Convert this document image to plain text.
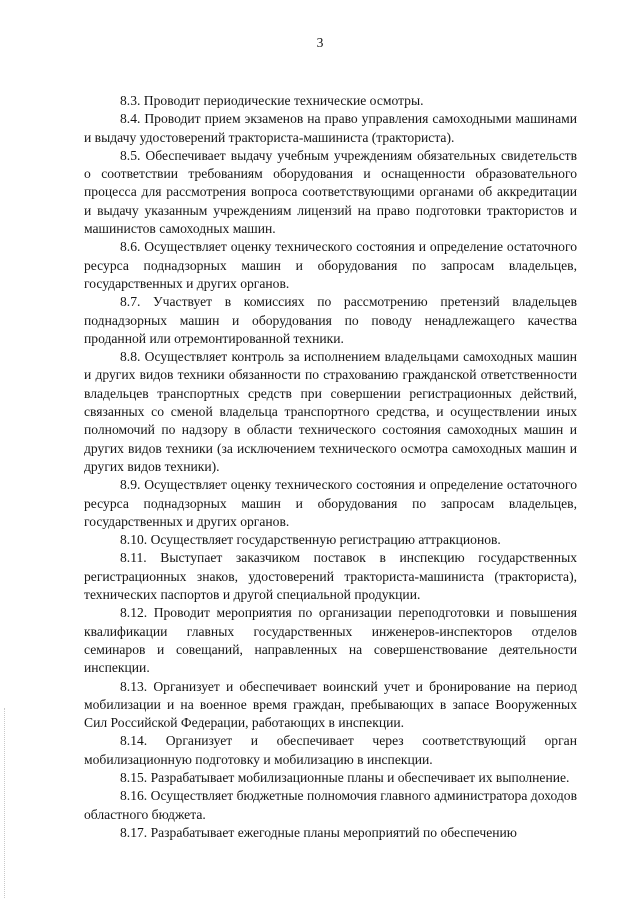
3

8.3. Проводит периодические технические осмотры.

8.4. Проводит прием экзаменов на право управления самоходными машинами и выдачу удостоверений тракториста-машиниста (тракториста).

8.5. Обеспечивает выдачу учебным учреждениям обязательных свидетельств о соответствии требованиям оборудования и оснащенности образовательного процесса для рассмотрения вопроса соответствующими органами об аккредитации и выдачу указанным учреждениям лицензий на право подготовки трактористов и машинистов самоходных машин.

8.6. Осуществляет оценку технического состояния и определение остаточного ресурса поднадзорных машин и оборудования по запросам владельцев, государственных и других органов.

8.7. Участвует в комиссиях по рассмотрению претензий владельцев поднадзорных машин и оборудования по поводу ненадлежащего качества проданной или отремонтированной техники.

8.8. Осуществляет контроль за исполнением владельцами самоходных машин и других видов техники обязанности по страхованию гражданской ответственности владельцев транспортных средств при совершении регистрационных действий, связанных со сменой владельца транспортного средства, и осуществлении иных полномочий по надзору в области технического состояния самоходных машин и других видов техники (за исключением технического осмотра самоходных машин и других видов техники).

8.9. Осуществляет оценку технического состояния и определение остаточного ресурса поднадзорных машин и оборудования по запросам владельцев, государственных и других органов.

8.10. Осуществляет государственную регистрацию аттракционов.

8.11. Выступает заказчиком поставок в инспекцию государственных регистрационных знаков, удостоверений тракториста-машиниста (тракториста), технических паспортов и другой специальной продукции.

8.12. Проводит мероприятия по организации переподготовки и повышения квалификации главных государственных инженеров-инспекторов отделов семинаров и совещаний, направленных на совершенствование деятельности инспекции.

8.13. Организует и обеспечивает воинский учет и бронирование на период мобилизации и на военное время граждан, пребывающих в запасе Вооруженных Сил Российской Федерации, работающих в инспекции.

8.14. Организует и обеспечивает через соответствующий орган мобилизационную подготовку и мобилизацию в инспекции.

8.15. Разрабатывает мобилизационные планы и обеспечивает их выполнение.

8.16. Осуществляет бюджетные полномочия главного администратора доходов областного бюджета.

8.17. Разрабатывает ежегодные планы мероприятий по обеспечению
